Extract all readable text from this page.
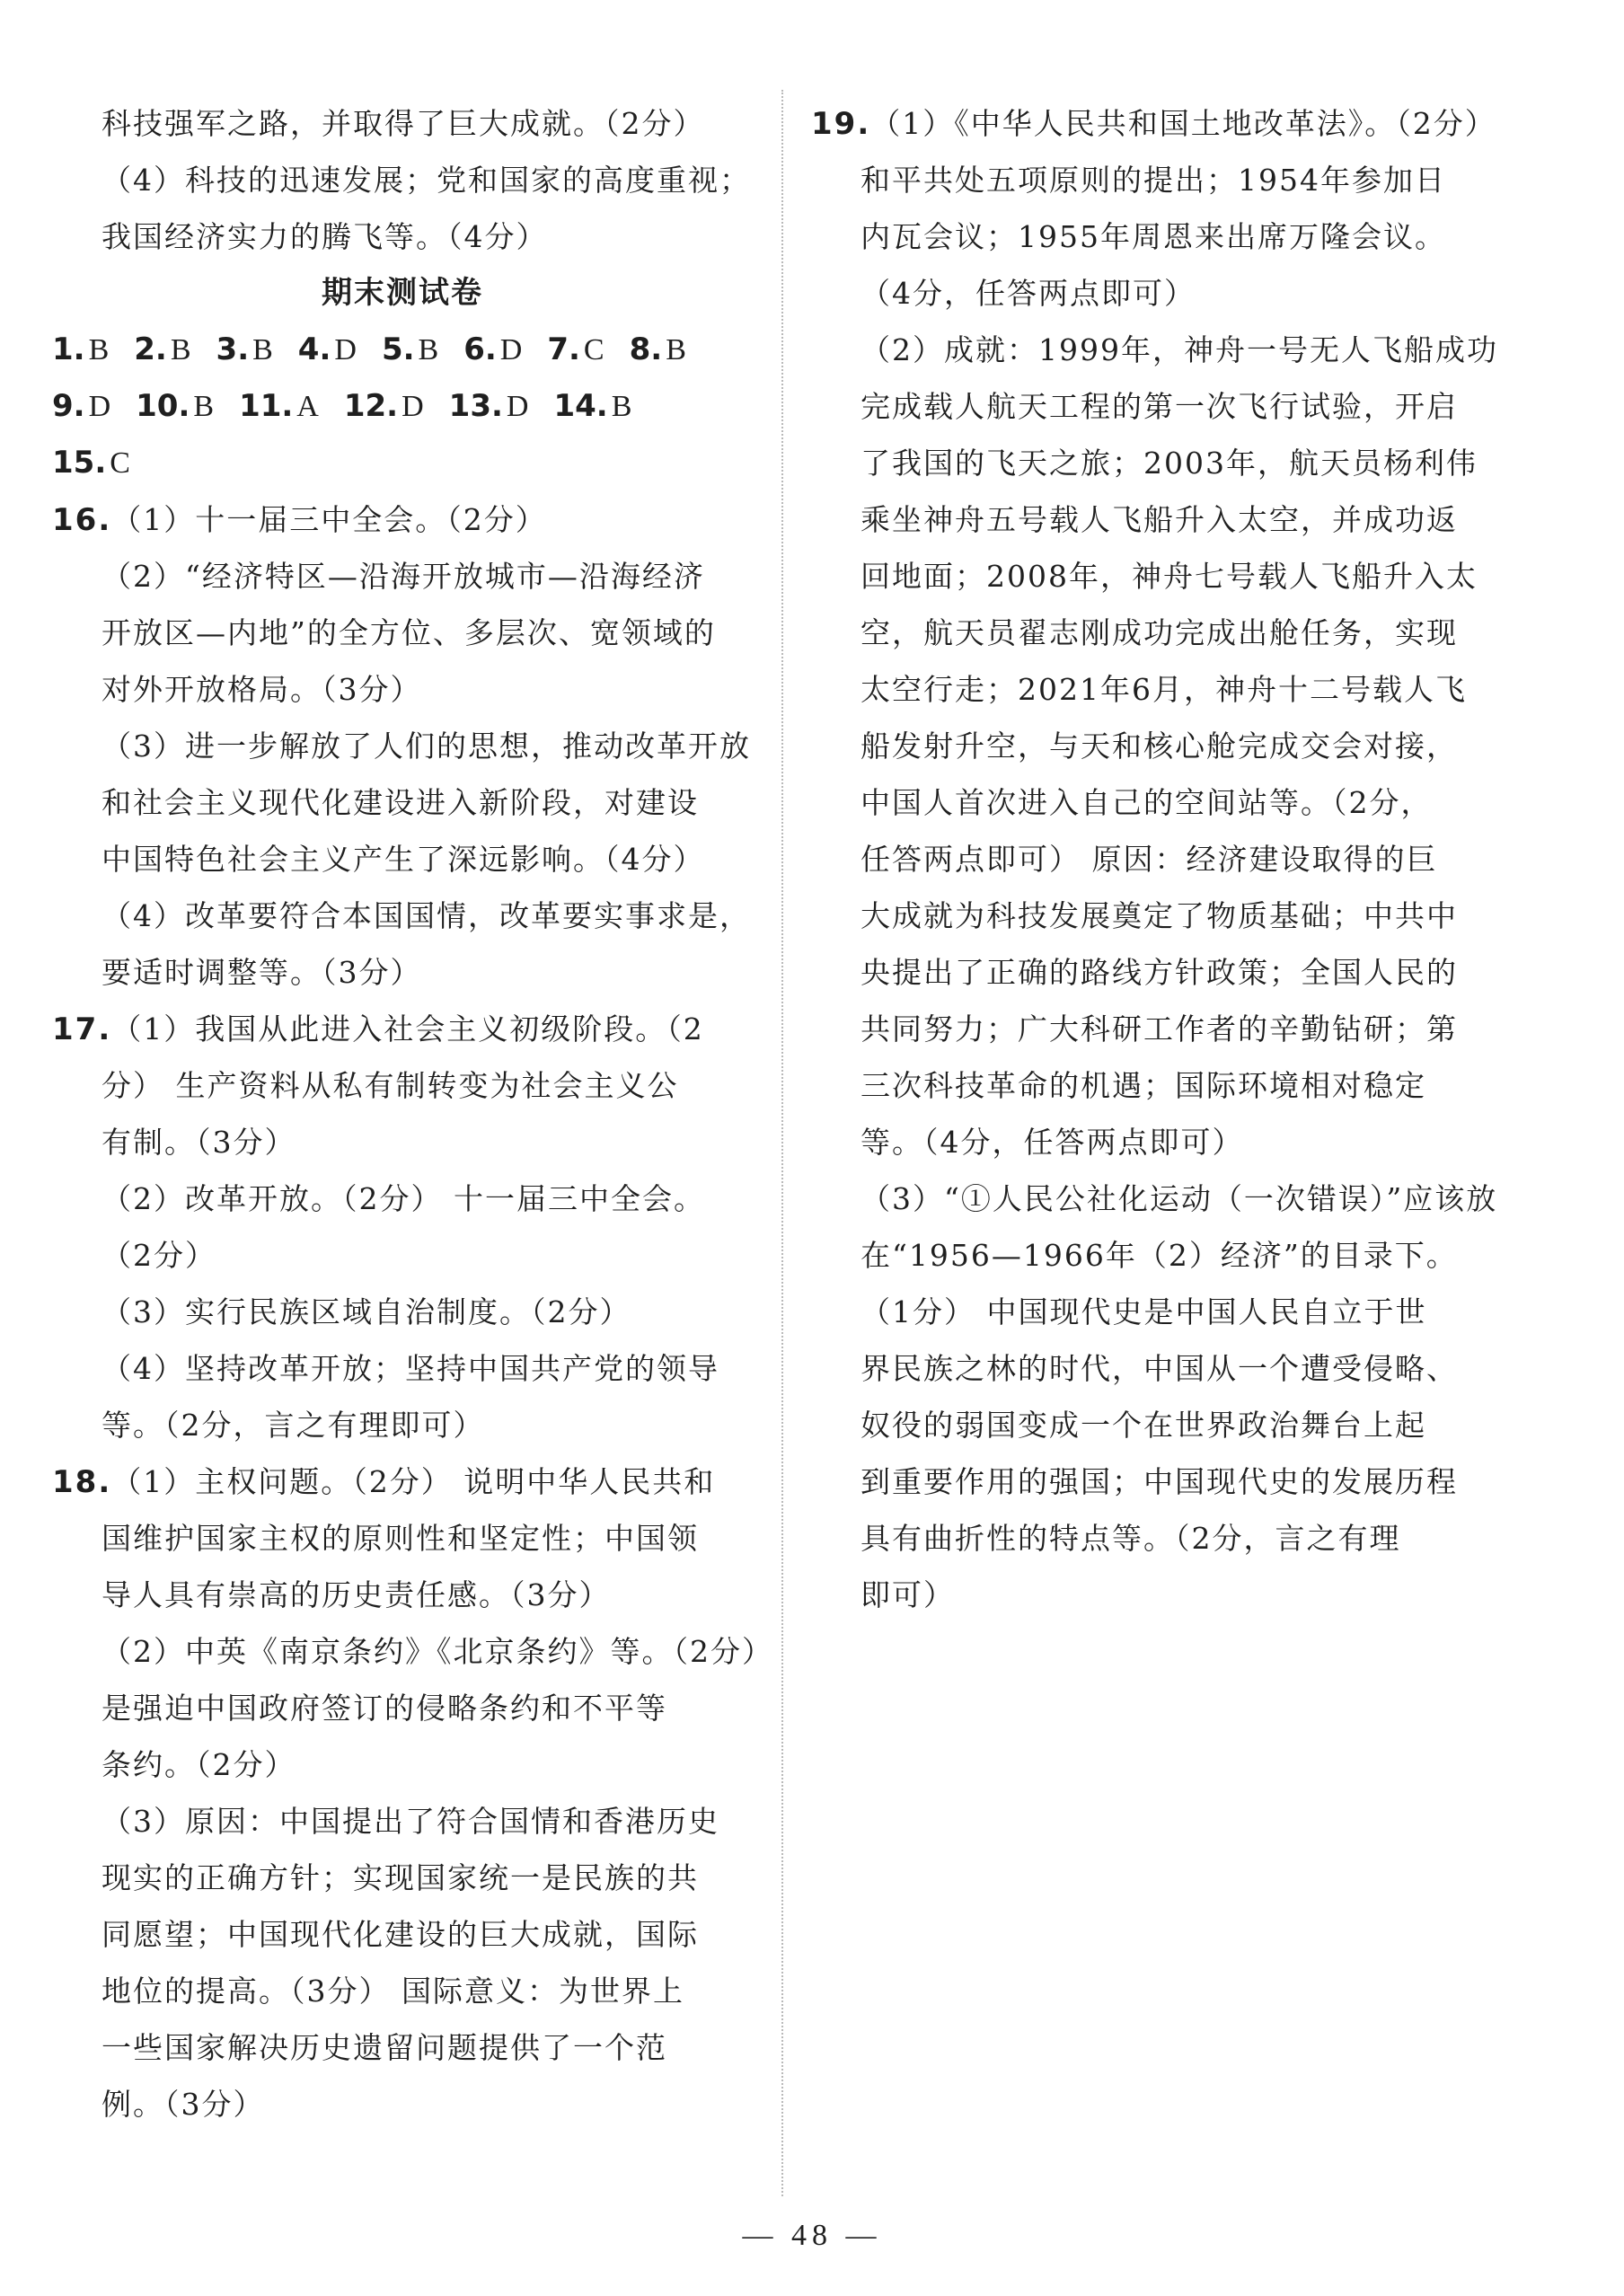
科技强军之路，并取得了巨大成就。（2分）
（4）科技的迅速发展；党和国家的高度重视；
我国经济实力的腾飞等。（4分）
期末测试卷
1. B 2. B 3. B 4. D 5. B 6. D 7. C 8. B
9. D 10. B 11. A 12. D 13. D 14. B
15. C
16.（1）十一届三中全会。（2分）
（2）“经济特区—沿海开放城市—沿海经济
开放区—内地”的全方位、多层次、宽领域的
对外开放格局。（3分）
（3）进一步解放了人们的思想，推动改革开放
和社会主义现代化建设进入新阶段，对建设
中国特色社会主义产生了深远影响。（4分）
（4）改革要符合本国国情，改革要实事求是，
要适时调整等。（3分）
17.（1）我国从此进入社会主义初级阶段。（2
分） 生产资料从私有制转变为社会主义公
有制。（3分）
（2）改革开放。（2分） 十一届三中全会。
（2分）
（3）实行民族区域自治制度。（2分）
（4）坚持改革开放；坚持中国共产党的领导
等。（2分，言之有理即可）
18.（1）主权问题。（2分） 说明中华人民共和
国维护国家主权的原则性和坚定性；中国领
导人具有崇高的历史责任感。（3分）
（2）中英《南京条约》《北京条约》等。（2分）
是强迫中国政府签订的侵略条约和不平等
条约。（2分）
（3）原因：中国提出了符合国情和香港历史
现实的正确方针；实现国家统一是民族的共
同愿望；中国现代化建设的巨大成就，国际
地位的提高。（3分） 国际意义：为世界上
一些国家解决历史遗留问题提供了一个范
例。（3分）
19.（1）《中华人民共和国土地改革法》。（2分）
和平共处五项原则的提出；1954年参加日
内瓦会议；1955年周恩来出席万隆会议。
（4分，任答两点即可）
（2）成就：1999年，神舟一号无人飞船成功
完成载人航天工程的第一次飞行试验，开启
了我国的飞天之旅；2003年，航天员杨利伟
乘坐神舟五号载人飞船升入太空，并成功返
回地面；2008年，神舟七号载人飞船升入太
空，航天员翟志刚成功完成出舱任务，实现
太空行走；2021年6月，神舟十二号载人飞
船发射升空，与天和核心舱完成交会对接，
中国人首次进入自己的空间站等。（2分，
任答两点即可） 原因：经济建设取得的巨
大成就为科技发展奠定了物质基础；中共中
央提出了正确的路线方针政策；全国人民的
共同努力；广大科研工作者的辛勤钻研；第
三次科技革命的机遇；国际环境相对稳定
等。（4分，任答两点即可）
（3）“①人民公社化运动（一次错误）”应该放
在“1956—1966年（2）经济”的目录下。
（1分） 中国现代史是中国人民自立于世
界民族之林的时代，中国从一个遭受侵略、
奴役的弱国变成一个在世界政治舞台上起
到重要作用的强国；中国现代史的发展历程
具有曲折性的特点等。（2分，言之有理
即可）
— 48 —
